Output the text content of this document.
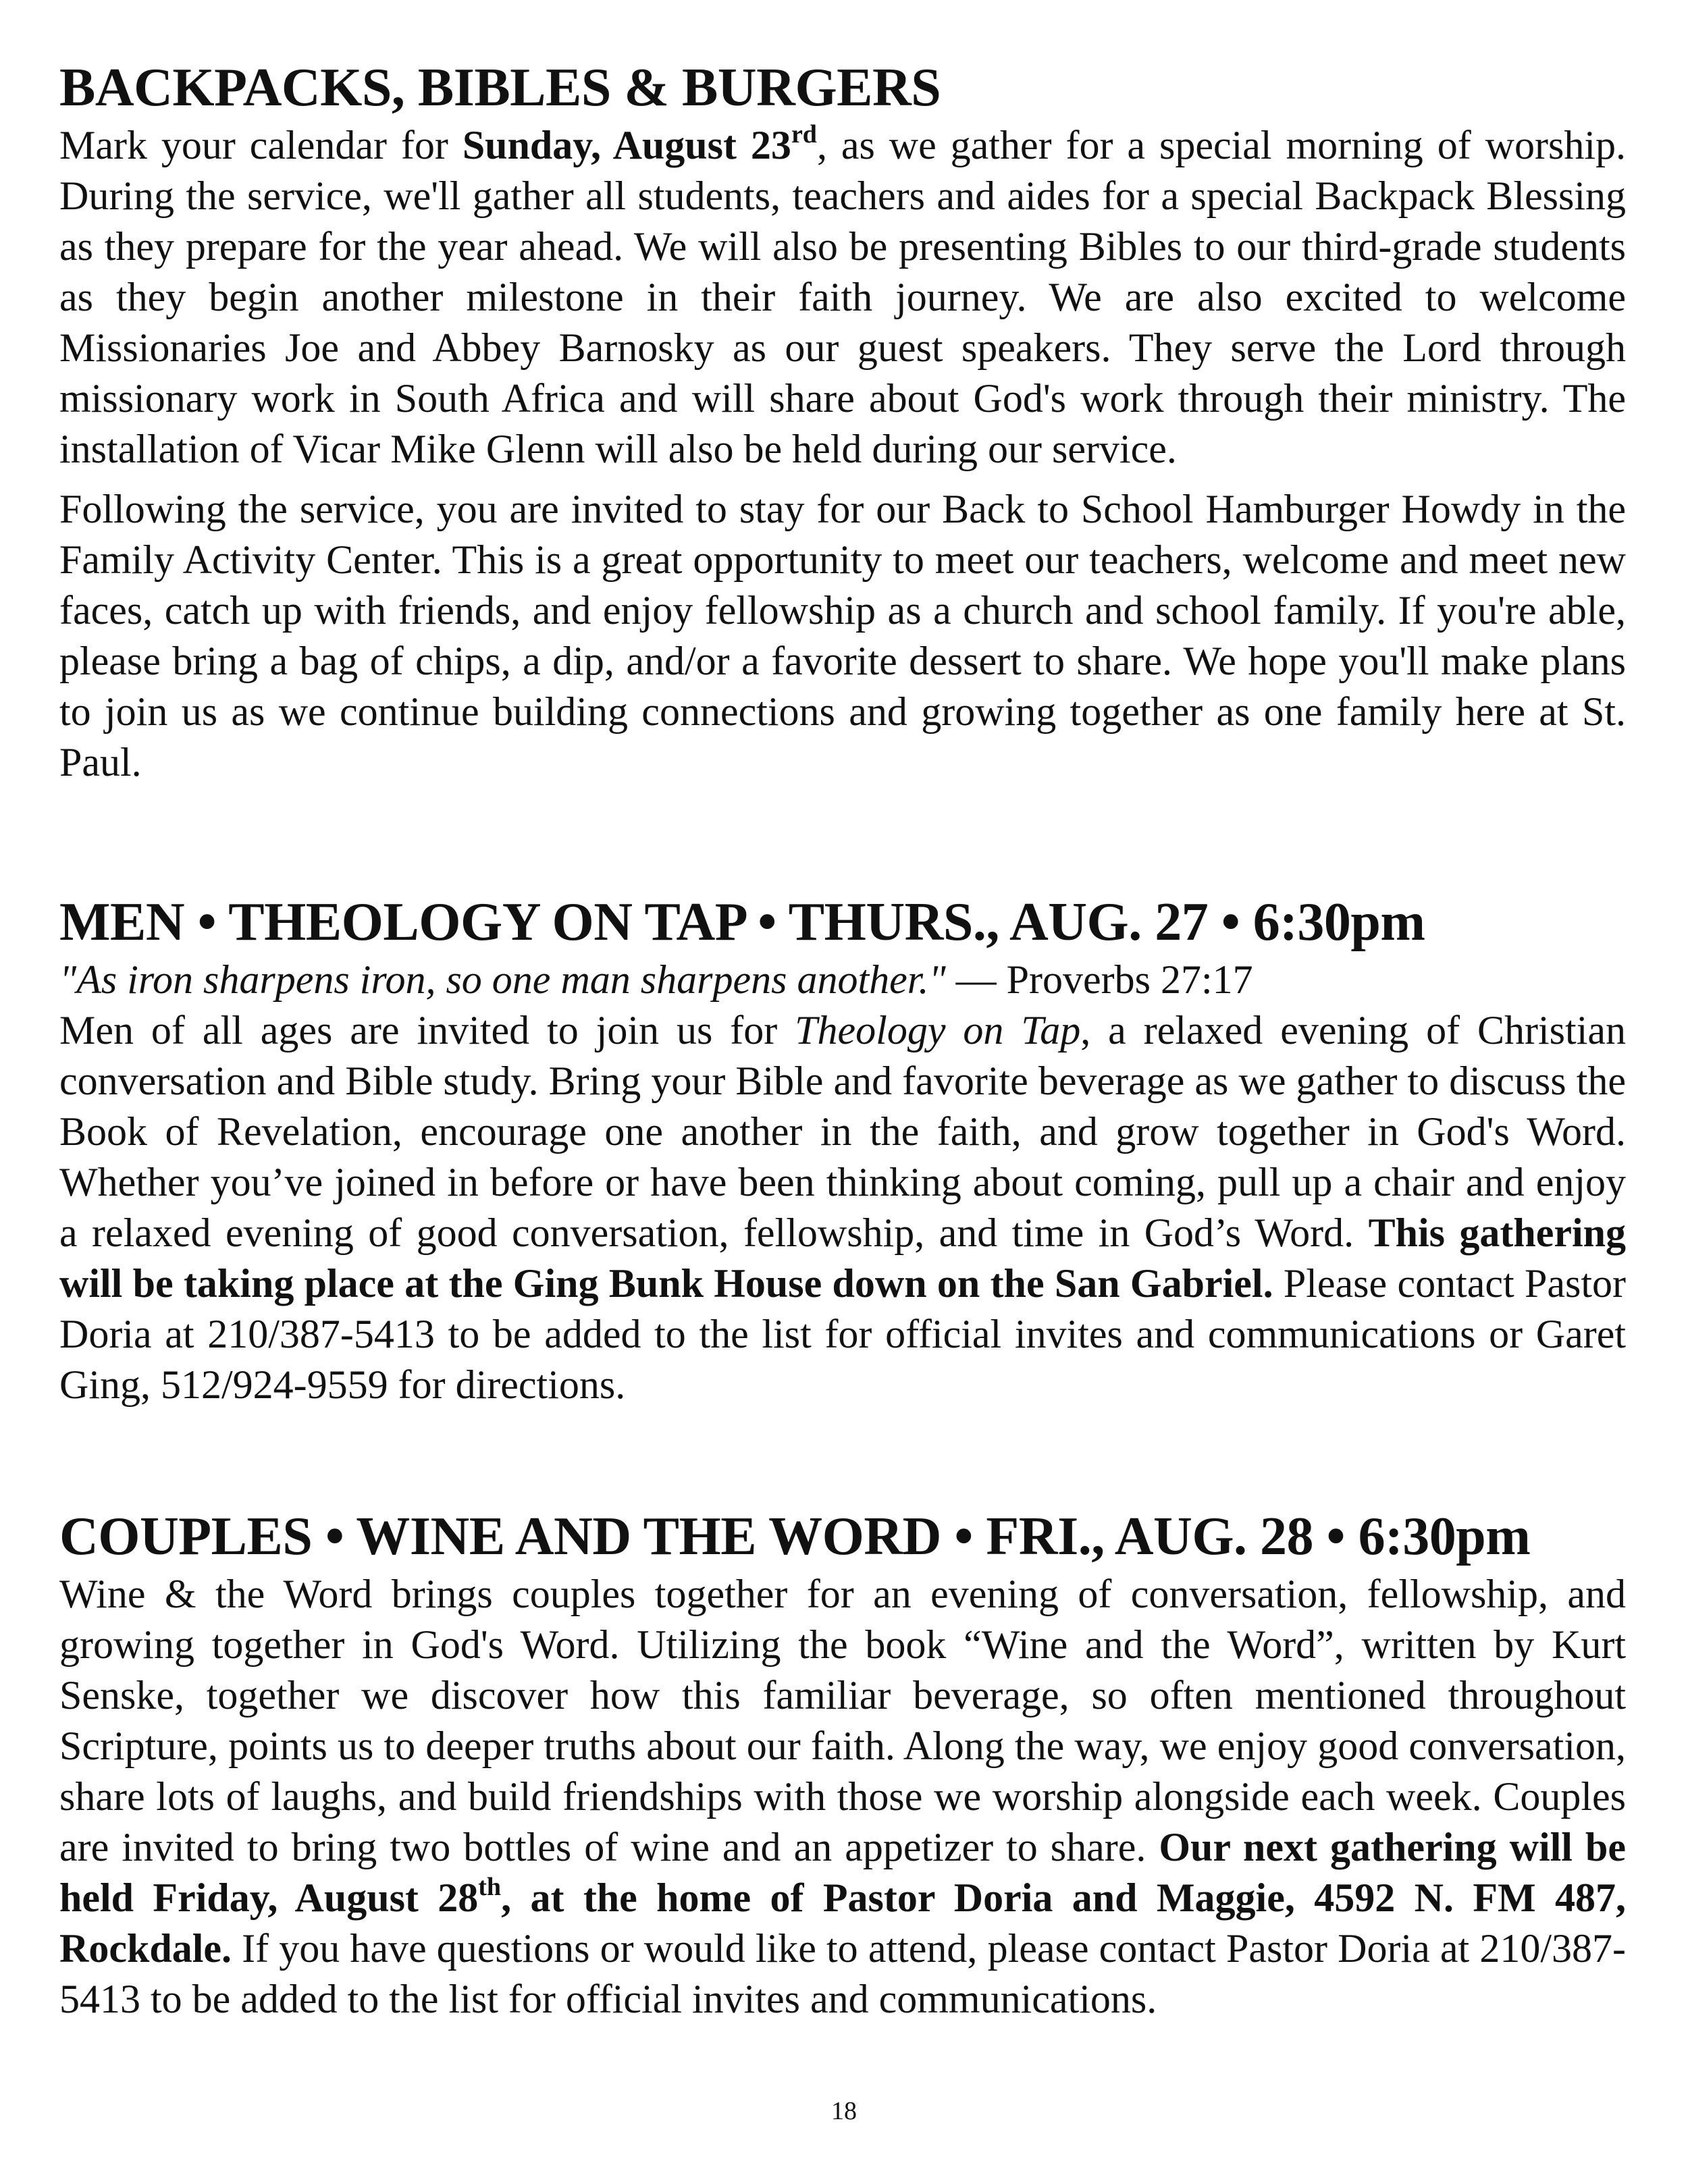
BACKPACKS, BIBLES & BURGERS

Mark your calendar for Sunday, August 23rd, as we gather for a special morning of worship. During the service, we'll gather all students, teachers and aides for a special Backpack Blessing as they prepare for the year ahead. We will also be presenting Bibles to our third-grade students as they begin another milestone in their faith journey. We are also excited to welcome Missionaries Joe and Abbey Barnosky as our guest speakers. They serve the Lord through missionary work in South Africa and will share about God's work through their ministry. The installation of Vicar Mike Glenn will also be held during our service.

Following the service, you are invited to stay for our Back to School Hamburger Howdy in the Family Activity Center. This is a great opportunity to meet our teachers, welcome and meet new faces, catch up with friends, and enjoy fellowship as a church and school family. If you're able, please bring a bag of chips, a dip, and/or a favorite dessert to share. We hope you'll make plans to join us as we continue building connections and growing together as one family here at St. Paul.

MEN • THEOLOGY ON TAP • THURS., AUG. 27 • 6:30pm

"As iron sharpens iron, so one man sharpens another." — Proverbs 27:17

Men of all ages are invited to join us for Theology on Tap, a relaxed evening of Christian conversation and Bible study. Bring your Bible and favorite beverage as we gather to discuss the Book of Revelation, encourage one another in the faith, and grow together in God's Word. Whether you’ve joined in before or have been thinking about coming, pull up a chair and enjoy a relaxed evening of good conversation, fellowship, and time in God’s Word. This gathering will be taking place at the Ging Bunk House down on the San Gabriel. Please contact Pastor Doria at 210/387-5413 to be added to the list for official invites and communications or Garet Ging, 512/924-9559 for directions.

COUPLES • WINE AND THE WORD • FRI., AUG. 28 • 6:30pm

Wine & the Word brings couples together for an evening of conversation, fellowship, and growing together in God's Word. Utilizing the book “Wine and the Word”, written by Kurt Senske, together we discover how this familiar beverage, so often mentioned throughout Scripture, points us to deeper truths about our faith. Along the way, we enjoy good conversation, share lots of laughs, and build friendships with those we worship alongside each week. Couples are invited to bring two bottles of wine and an appetizer to share. Our next gathering will be held Friday, August 28th, at the home of Pastor Doria and Maggie, 4592 N. FM 487, Rockdale. If you have questions or would like to attend, please contact Pastor Doria at 210/387-5413 to be added to the list for official invites and communications.

18
